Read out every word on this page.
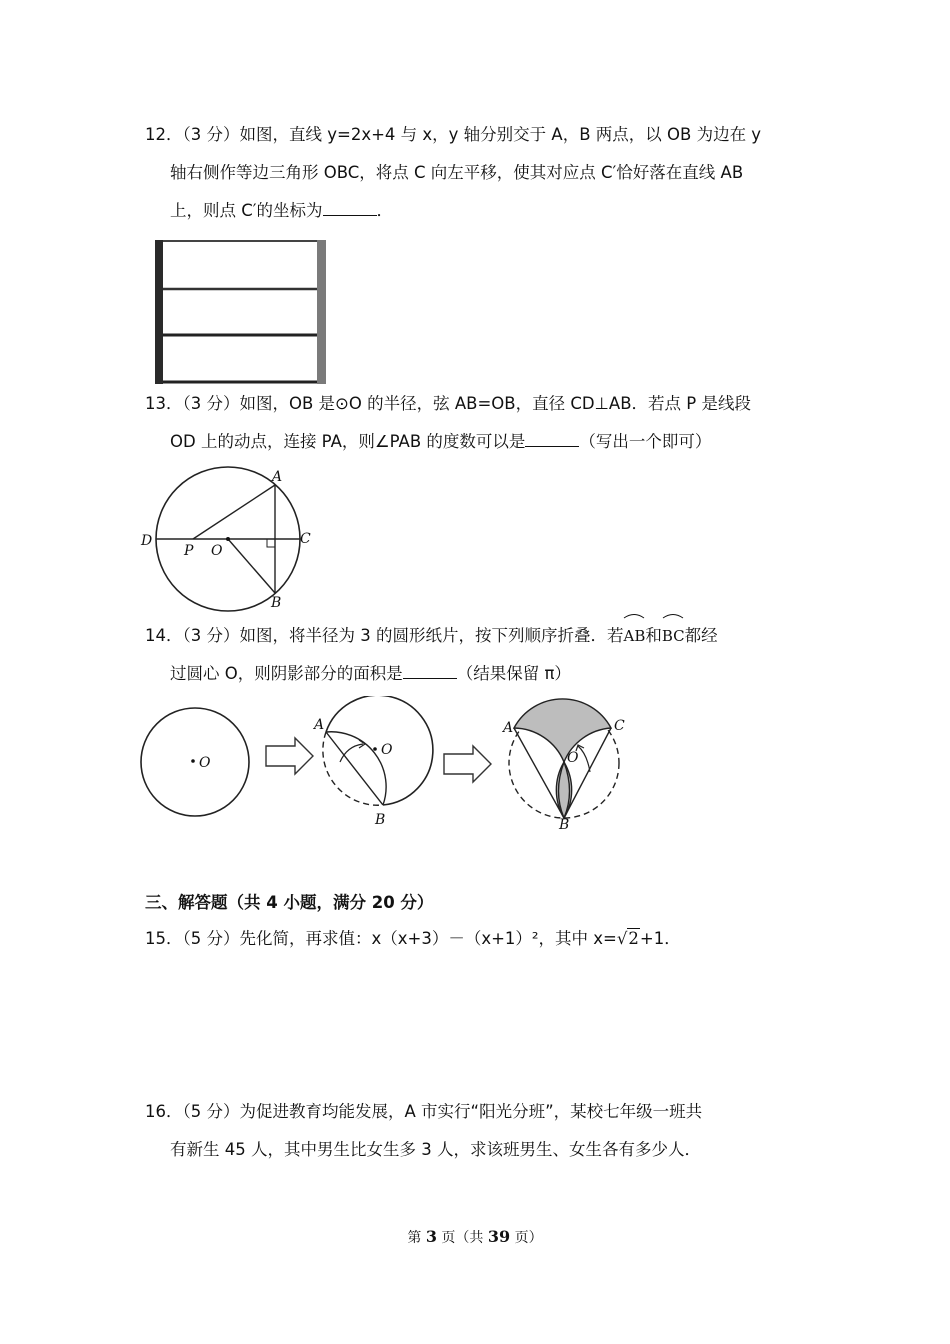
12．（3 分）如图，直线 y=2x+4 与 x，y 轴分别交于 A，B 两点，以 OB 为边在 y
轴右侧作等边三角形 OBC，将点 C 向左平移，使其对应点 C′恰好落在直线 AB
上，则点 C′的坐标为	．
13．（3 分）如图，OB 是⊙O 的半径，弦 AB=OB，直径 CD⊥AB．若点 P 是线段
OD 上的动点，连接 PA，则∠PAB 的度数可以是	（写出一个即可）
A
B
C
D
P O
14．（3 分）如图，将半径为 3 的圆形纸片，按下列顺序折叠．若
AB和
BC都经
过圆心 O，则阴影部分的面积是	（结果保留 π）
O
A
O
B
A	C
O
B
三、解答题（共 4 小题，满分 20 分）
15．（5 分）先化简，再求值：x（x+3）－（x+1）²，其中 x=√2+1．
16．（5 分）为促进教育均能发展，A 市实行“阳光分班”，某校七年级一班共
有新生 45 人，其中男生比女生多 3 人，求该班男生、女生各有多少人．
第 3 页（共 39 页）
